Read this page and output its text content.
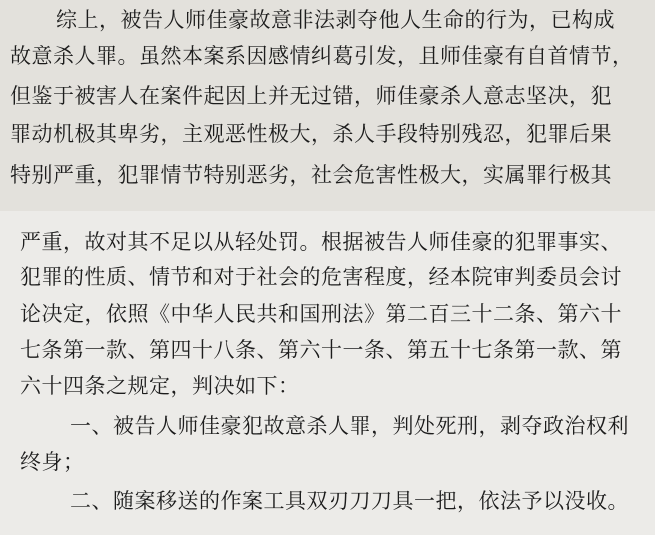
综上，被告人师佳豪故意非法剥夺他人生命的行为，已构成
故意杀人罪。虽然本案系因感情纠葛引发，且师佳豪有自首情节，
但鉴于被害人在案件起因上并无过错，师佳豪杀人意志坚决，犯
罪动机极其卑劣，主观恶性极大，杀人手段特别残忍，犯罪后果
特别严重，犯罪情节特别恶劣，社会危害性极大，实属罪行极其
严重，故对其不足以从轻处罚。根据被告人师佳豪的犯罪事实、
犯罪的性质、情节和对于社会的危害程度，经本院审判委员会讨
论决定，依照《中华人民共和国刑法》第二百三十二条、第六十
七条第一款、第四十八条、第六十一条、第五十七条第一款、第
六十四条之规定，判决如下：
一、被告人师佳豪犯故意杀人罪，判处死刑，剥夺政治权利
终身；
二、随案移送的作案工具双刃刀刀具一把，依法予以没收。
